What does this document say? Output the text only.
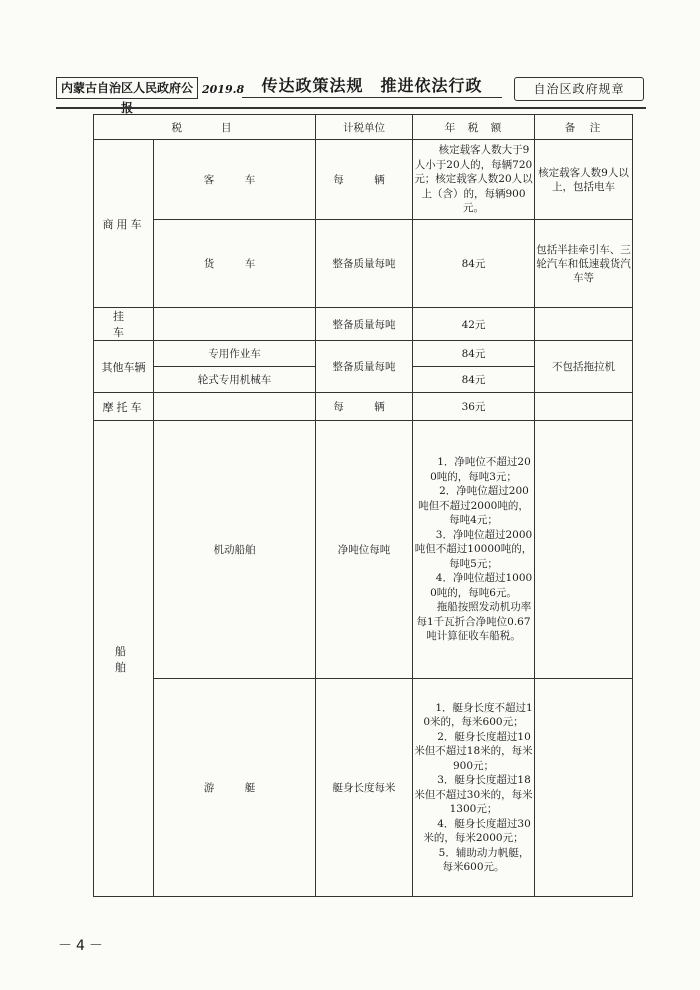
内蒙古自治区人民政府公报
2019.8	传达政策法规　推进依法行政	自治区政府规章
税　　目		计税单位	年　税　额	备　注
商用车	客　车	每　辆	核定载客人数大于9人小于20人的，每辆720元；核定载客人数20人以上（含）的，每辆900元。	核定载客人数9人以上，包括电车
	货　车	整备质量每吨	84元	包括半挂牵引车、三轮汽车和低速载货汽车等
挂　车		整备质量每吨	42元	
其他车辆	专用作业车	整备质量每吨	84元	不包括拖拉机
	轮式专用机械车		84元	
摩托车		每　辆	36元	
船舶	机动船舶	净吨位每吨	1．净吨位不超过200吨的，每吨3元；

2．净吨位超过200吨但不超过2000吨的，每吨4元；

3．净吨位超过2000吨但不超过10000吨的，每吨5元；

4．净吨位超过10000吨的，每吨6元。

拖船按照发动机功率每1千瓦折合净吨位0.67吨计算征收车船税。	

	游　艇	艇身长度每米	1．艇身长度不超过10米的，每米600元；

2．艇身长度超过10米但不超过18米的，每米900元；

3．艇身长度超过18米但不超过30米的，每米1300元；

4．艇身长度超过30米的，每米2000元；

5．辅助动力帆艇，每米600元。	

－4－
